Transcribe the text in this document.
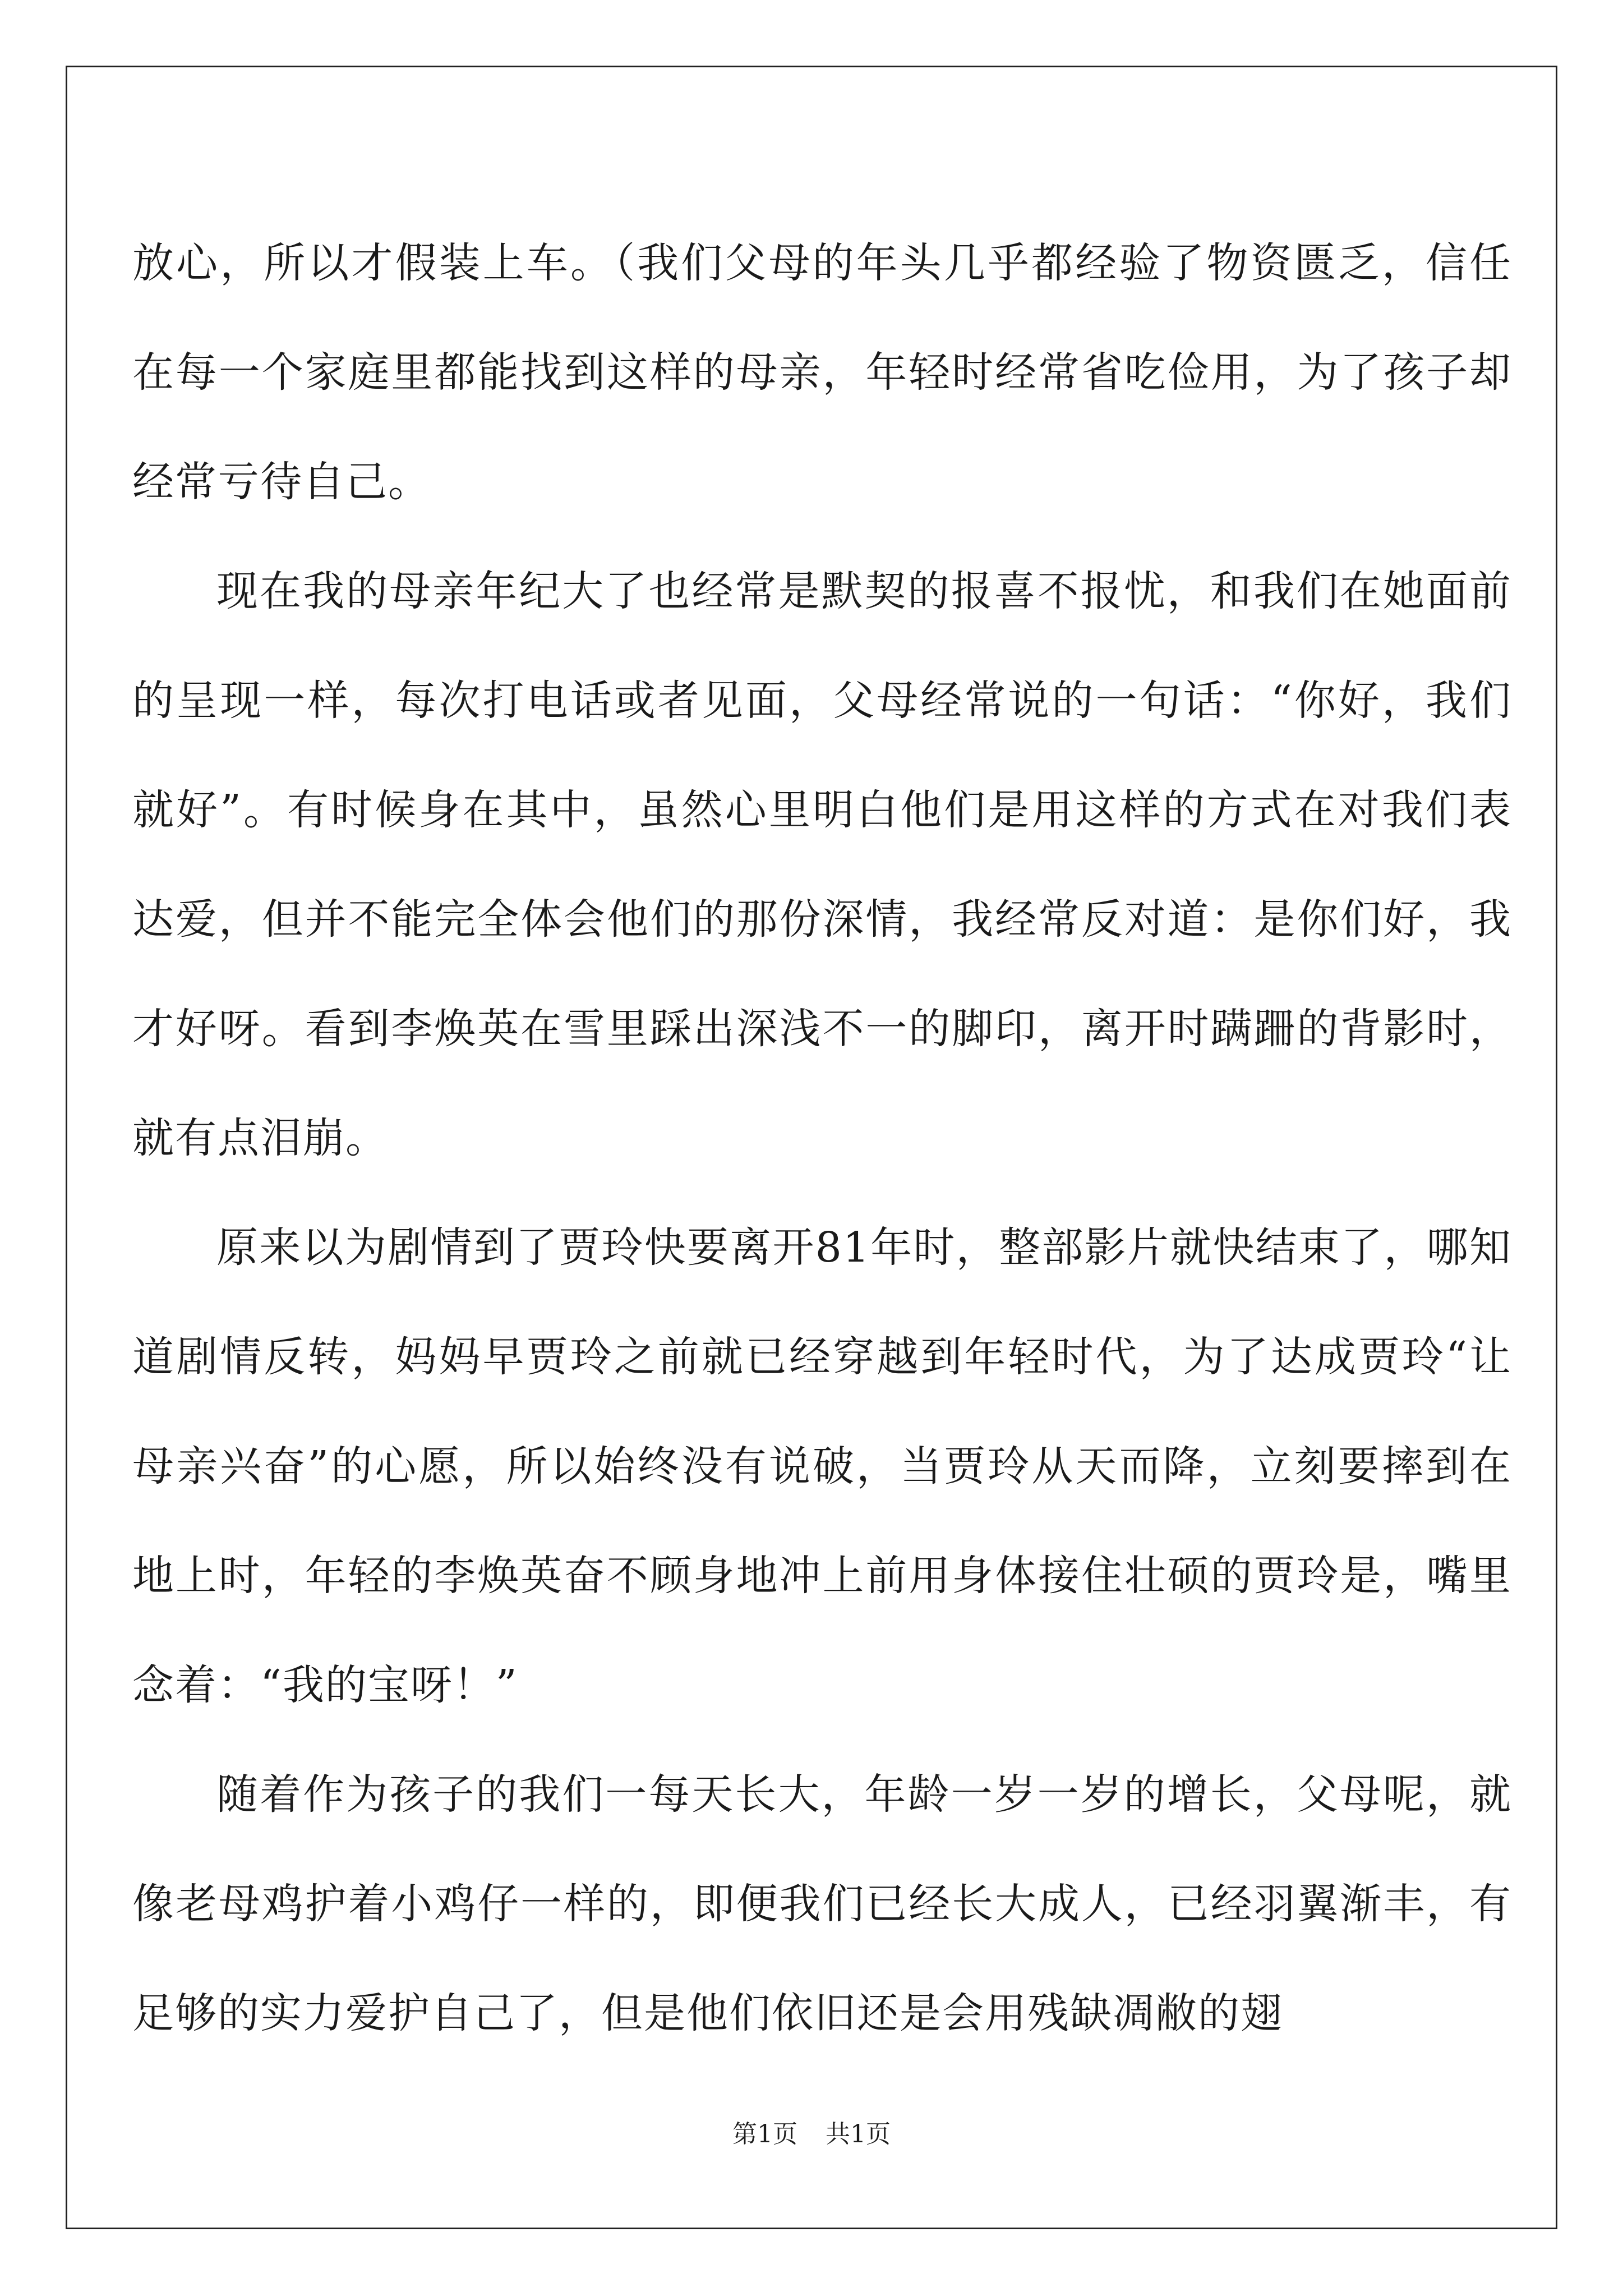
放心，所以才假装上车。（我们父母的年头几乎都经验了物资匮乏，信任在每一个家庭里都能找到这样的母亲，年轻时经常省吃俭用，为了孩子却经常亏待自己。

现在我的母亲年纪大了也经常是默契的报喜不报忧，和我们在她面前的呈现一样，每次打电话或者见面，父母经常说的一句话：“你好，我们就好”。有时候身在其中，虽然心里明白他们是用这样的方式在对我们表达爱，但并不能完全体会他们的那份深情，我经常反对道：是你们好，我才好呀。看到李焕英在雪里踩出深浅不一的脚印，离开时蹒跚的背影时，就有点泪崩。

原来以为剧情到了贾玲快要离开81年时，整部影片就快结束了，哪知道剧情反转，妈妈早贾玲之前就已经穿越到年轻时代，为了达成贾玲“让母亲兴奋”的心愿，所以始终没有说破，当贾玲从天而降，立刻要摔到在地上时，年轻的李焕英奋不顾身地冲上前用身体接住壮硕的贾玲是，嘴里念着：“我的宝呀！”

随着作为孩子的我们一每天长大，年龄一岁一岁的增长，父母呢，就像老母鸡护着小鸡仔一样的，即便我们已经长大成人，已经羽翼渐丰，有足够的实力爱护自己了，但是他们依旧还是会用残缺凋敝的翅

第1页 共1页
